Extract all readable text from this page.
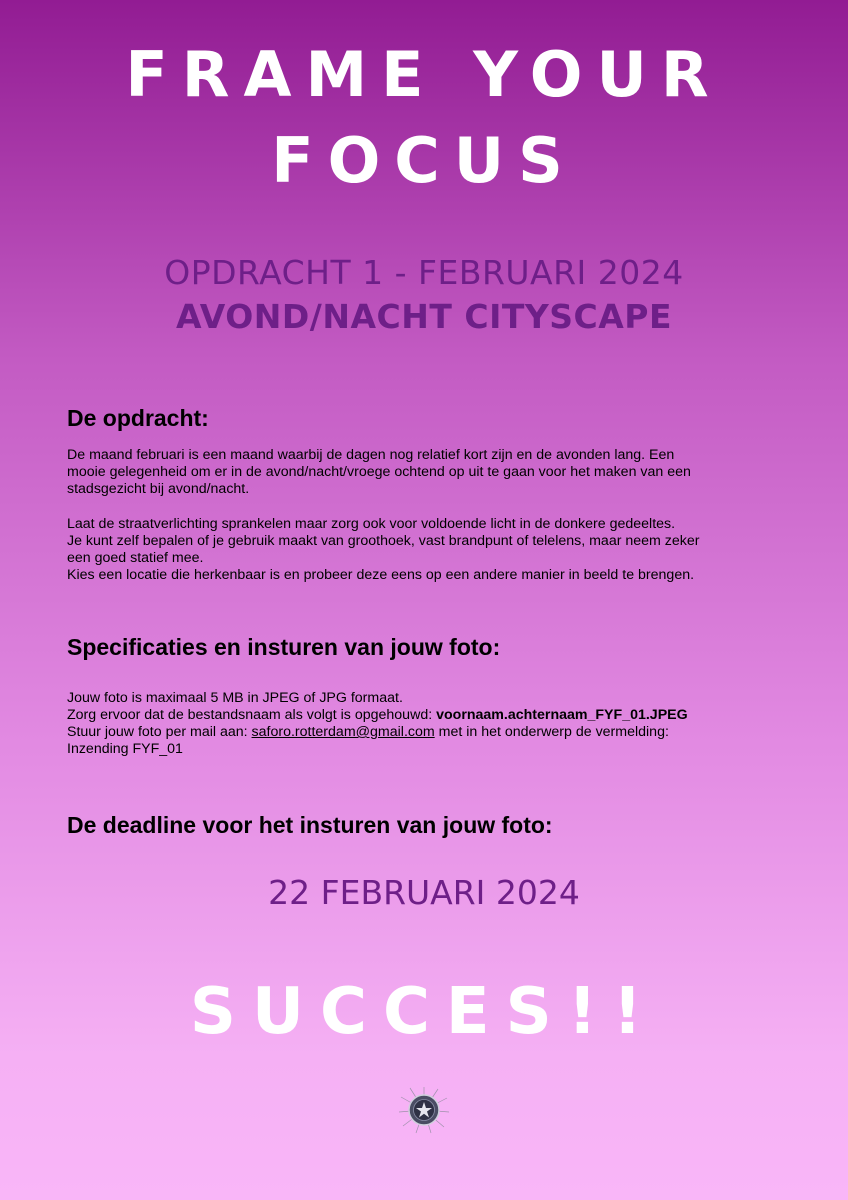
FRAME YOUR
FOCUS
OPDRACHT 1 - FEBRUARI 2024
AVOND/NACHT CITYSCAPE
De opdracht:

De maand februari is een maand waarbij de dagen nog relatief kort zijn en de avonden lang. Een
mooie gelegenheid om er in de avond/nacht/vroege ochtend op uit te gaan voor het maken van een
stadsgezicht bij avond/nacht.

Laat de straatverlichting sprankelen maar zorg ook voor voldoende licht in de donkere gedeeltes.
Je kunt zelf bepalen of je gebruik maakt van groothoek, vast brandpunt of telelens, maar neem zeker
een goed statief mee.
Kies een locatie die herkenbaar is en probeer deze eens op een andere manier in beeld te brengen.

Specificaties en insturen van jouw foto:

Jouw foto is maximaal 5 MB in JPEG of JPG formaat.
Zorg ervoor dat de bestandsnaam als volgt is opgehouwd: voornaam.achternaam_FYF_01.JPEG
Stuur jouw foto per mail aan: saforo.rotterdam@gmail.com met in het onderwerp de vermelding:
Inzending FYF_01

De deadline voor het insturen van jouw foto:
22 FEBRUARI 2024
SUCCES!!
